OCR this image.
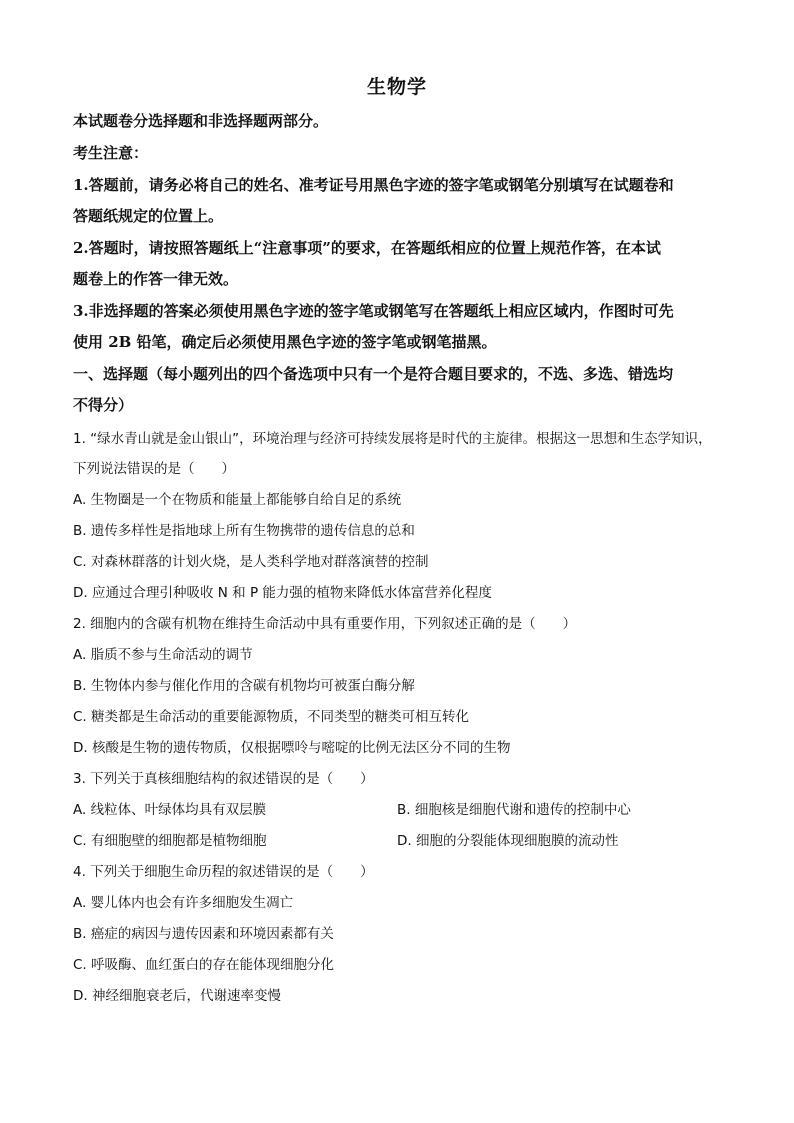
生物学
本试题卷分选择题和非选择题两部分。
考生注意：
1.答题前，请务必将自己的姓名、准考证号用黑色字迹的签字笔或钢笔分别填写在试题卷和
答题纸规定的位置上。
2.答题时，请按照答题纸上“注意事项”的要求，在答题纸相应的位置上规范作答，在本试
题卷上的作答一律无效。
3.非选择题的答案必须使用黑色字迹的签字笔或钢笔写在答题纸上相应区域内，作图时可先
使用 2B 铅笔，确定后必须使用黑色字迹的签字笔或钢笔描黑。
一、选择题（每小题列出的四个备选项中只有一个是符合题目要求的，不选、多选、错选均
不得分）
1. “绿水青山就是金山银山”，环境治理与经济可持续发展将是时代的主旋律。根据这一思想和生态学知识，
下列说法错误的是（　　）
A. 生物圈是一个在物质和能量上都能够自给自足的系统
B. 遗传多样性是指地球上所有生物携带的遗传信息的总和
C. 对森林群落的计划火烧，是人类科学地对群落演替的控制
D. 应通过合理引种吸收 N 和 P 能力强的植物来降低水体富营养化程度
2. 细胞内的含碳有机物在维持生命活动中具有重要作用，下列叙述正确的是（　　）
A. 脂质不参与生命活动的调节
B. 生物体内参与催化作用的含碳有机物均可被蛋白酶分解
C. 糖类都是生命活动的重要能源物质，不同类型的糖类可相互转化
D. 核酸是生物的遗传物质，仅根据嘌呤与嘧啶的比例无法区分不同的生物
3. 下列关于真核细胞结构的叙述错误的是（　　）
A. 线粒体、叶绿体均具有双层膜	B. 细胞核是细胞代谢和遗传的控制中心
C. 有细胞壁的细胞都是植物细胞	D. 细胞的分裂能体现细胞膜的流动性
4. 下列关于细胞生命历程的叙述错误的是（　　）
A. 婴儿体内也会有许多细胞发生凋亡
B. 癌症的病因与遗传因素和环境因素都有关
C. 呼吸酶、血红蛋白的存在能体现细胞分化
D. 神经细胞衰老后，代谢速率变慢
